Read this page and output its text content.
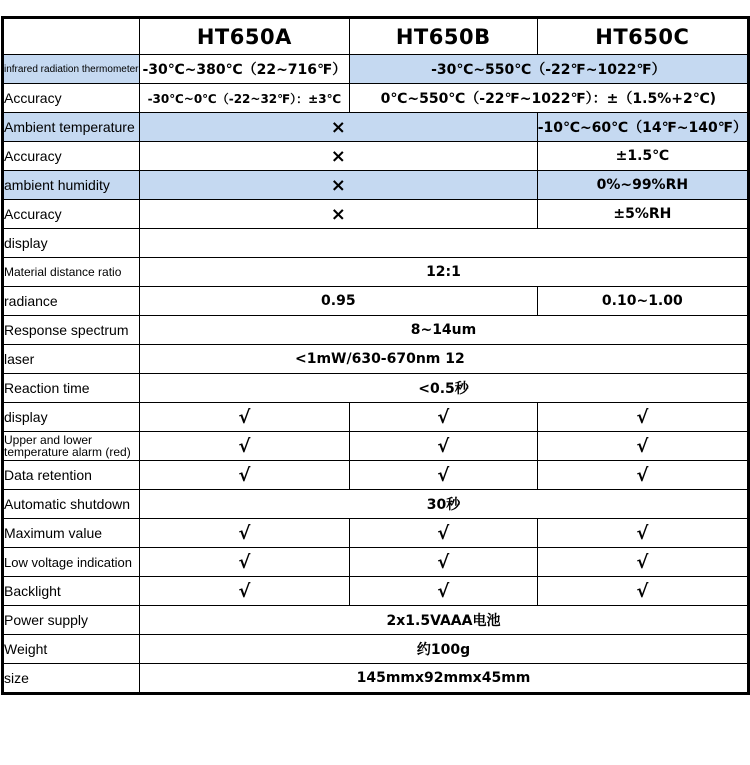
	HT650A	HT650B	HT650C
infrared radiation thermometer	-30℃~380℃（22~716℉）	-30℃~550℃（-22℉~1022℉）	
Accuracy	-30℃~0℃（-22~32℉）：±3℃	0℃~550℃（-22℉~1022℉）：±（1.5%+2℃)	
Ambient temperature	×		-10℃~60℃（14℉~140℉）
Accuracy	×		±1.5℃
ambient humidity	×		0%~99%RH
Accuracy	×		±5%RH
display			
Material distance ratio	12:1		
radiance	0.95		0.10~1.00
Response spectrum	8~14um		
laser	<1mW/630-670nm 12		
Reaction time	<0.5秒		
display	√	√	√
Upper and lower temperature alarm (red)	√	√	√
Data retention	√	√	√
Automatic shutdown	30秒		
Maximum value	√	√	√
Low voltage indication	√	√	√
Backlight	√	√	√
Power supply	2x1.5VAAA电池		
Weight	约100g		
size	145mmx92mmx45mm		
